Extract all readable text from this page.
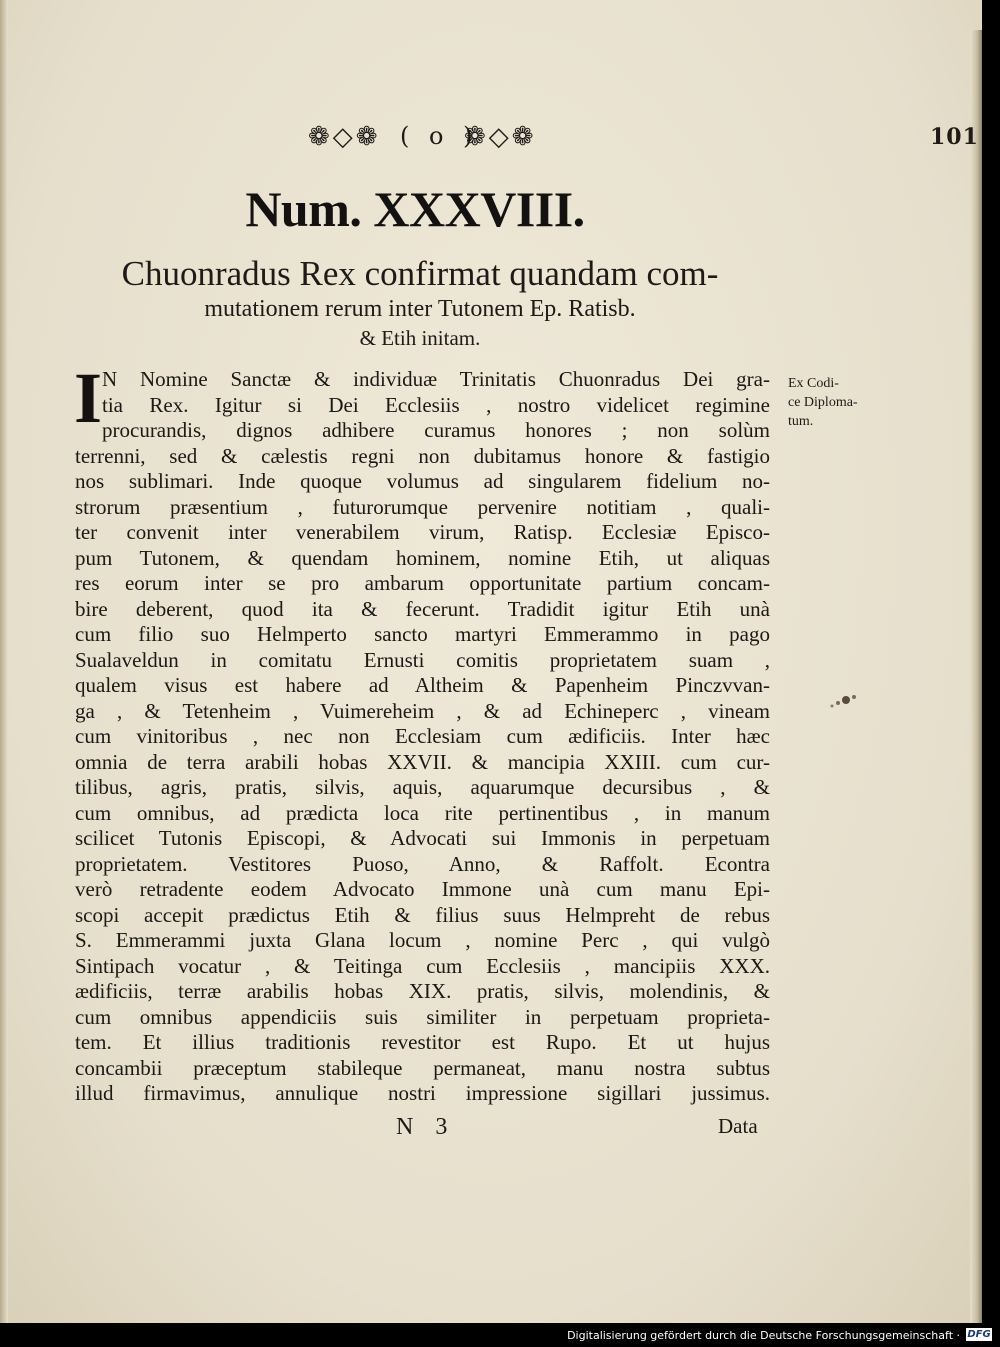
❁◇❁ ( o )
❁◇❁	101
Num. XXXVIII.
Chuonradus Rex confirmat quandam com-
mutationem rerum inter Tutonem Ep. Ratisb.
& Etih initam.
Ex Codi-
ce Diploma-
tum.
I N Nomine Sanctæ & individuæ Trinitatis Chuonradus Dei gra-
tia Rex. Igitur si Dei Ecclesiis , nostro videlicet regimine
procurandis, dignos adhibere curamus honores ; non solùm
terrenni, sed & cælestis regni non dubitamus honore & fastigio
nos sublimari. Inde quoque volumus ad singularem fidelium no-
strorum præsentium , futurorumque pervenire notitiam , quali-
ter convenit inter venerabilem virum, Ratisp. Ecclesiæ Episco-
pum Tutonem, & quendam hominem, nomine Etih, ut aliquas
res eorum inter se pro ambarum opportunitate partium concam-
bire deberent, quod ita & fecerunt. Tradidit igitur Etih unà
cum filio suo Helmperto sancto martyri Emmerammo in pago
Sualaveldun in comitatu Ernusti comitis proprietatem suam ,
qualem visus est habere ad Altheim & Papenheim Pinczvvan-
ga , & Tetenheim , Vuimereheim , & ad Echineperc , vineam
cum vinitoribus , nec non Ecclesiam cum ædificiis. Inter hæc
omnia de terra arabili hobas XXVII. & mancipia XXIII. cum cur-
tilibus, agris, pratis, silvis, aquis, aquarumque decursibus , &
cum omnibus, ad prædicta loca rite pertinentibus , in manum
scilicet Tutonis Episcopi, & Advocati sui Immonis in perpetuam
proprietatem. Vestitores Puoso, Anno, & Raffolt. Econtra
verò retradente eodem Advocato Immone unà cum manu Epi-
scopi accepit prædictus Etih & filius suus Helmpreht de rebus
S. Emmerammi juxta Glana locum , nomine Perc , qui vulgò
Sintipach vocatur , & Teitinga cum Ecclesiis , mancipiis XXX.
ædificiis, terræ arabilis hobas XIX. pratis, silvis, molendinis, &
cum omnibus appendiciis suis similiter in perpetuam proprieta-
tem. Et illius traditionis revestitor est Rupo. Et ut hujus
concambii præceptum stabileque permaneat, manu nostra subtus
illud firmavimus, annulique nostri impressione sigillari jussimus.
N 3	Data
Digitalisierung gefördert durch die Deutsche Forschungsgemeinschaft · DFG
